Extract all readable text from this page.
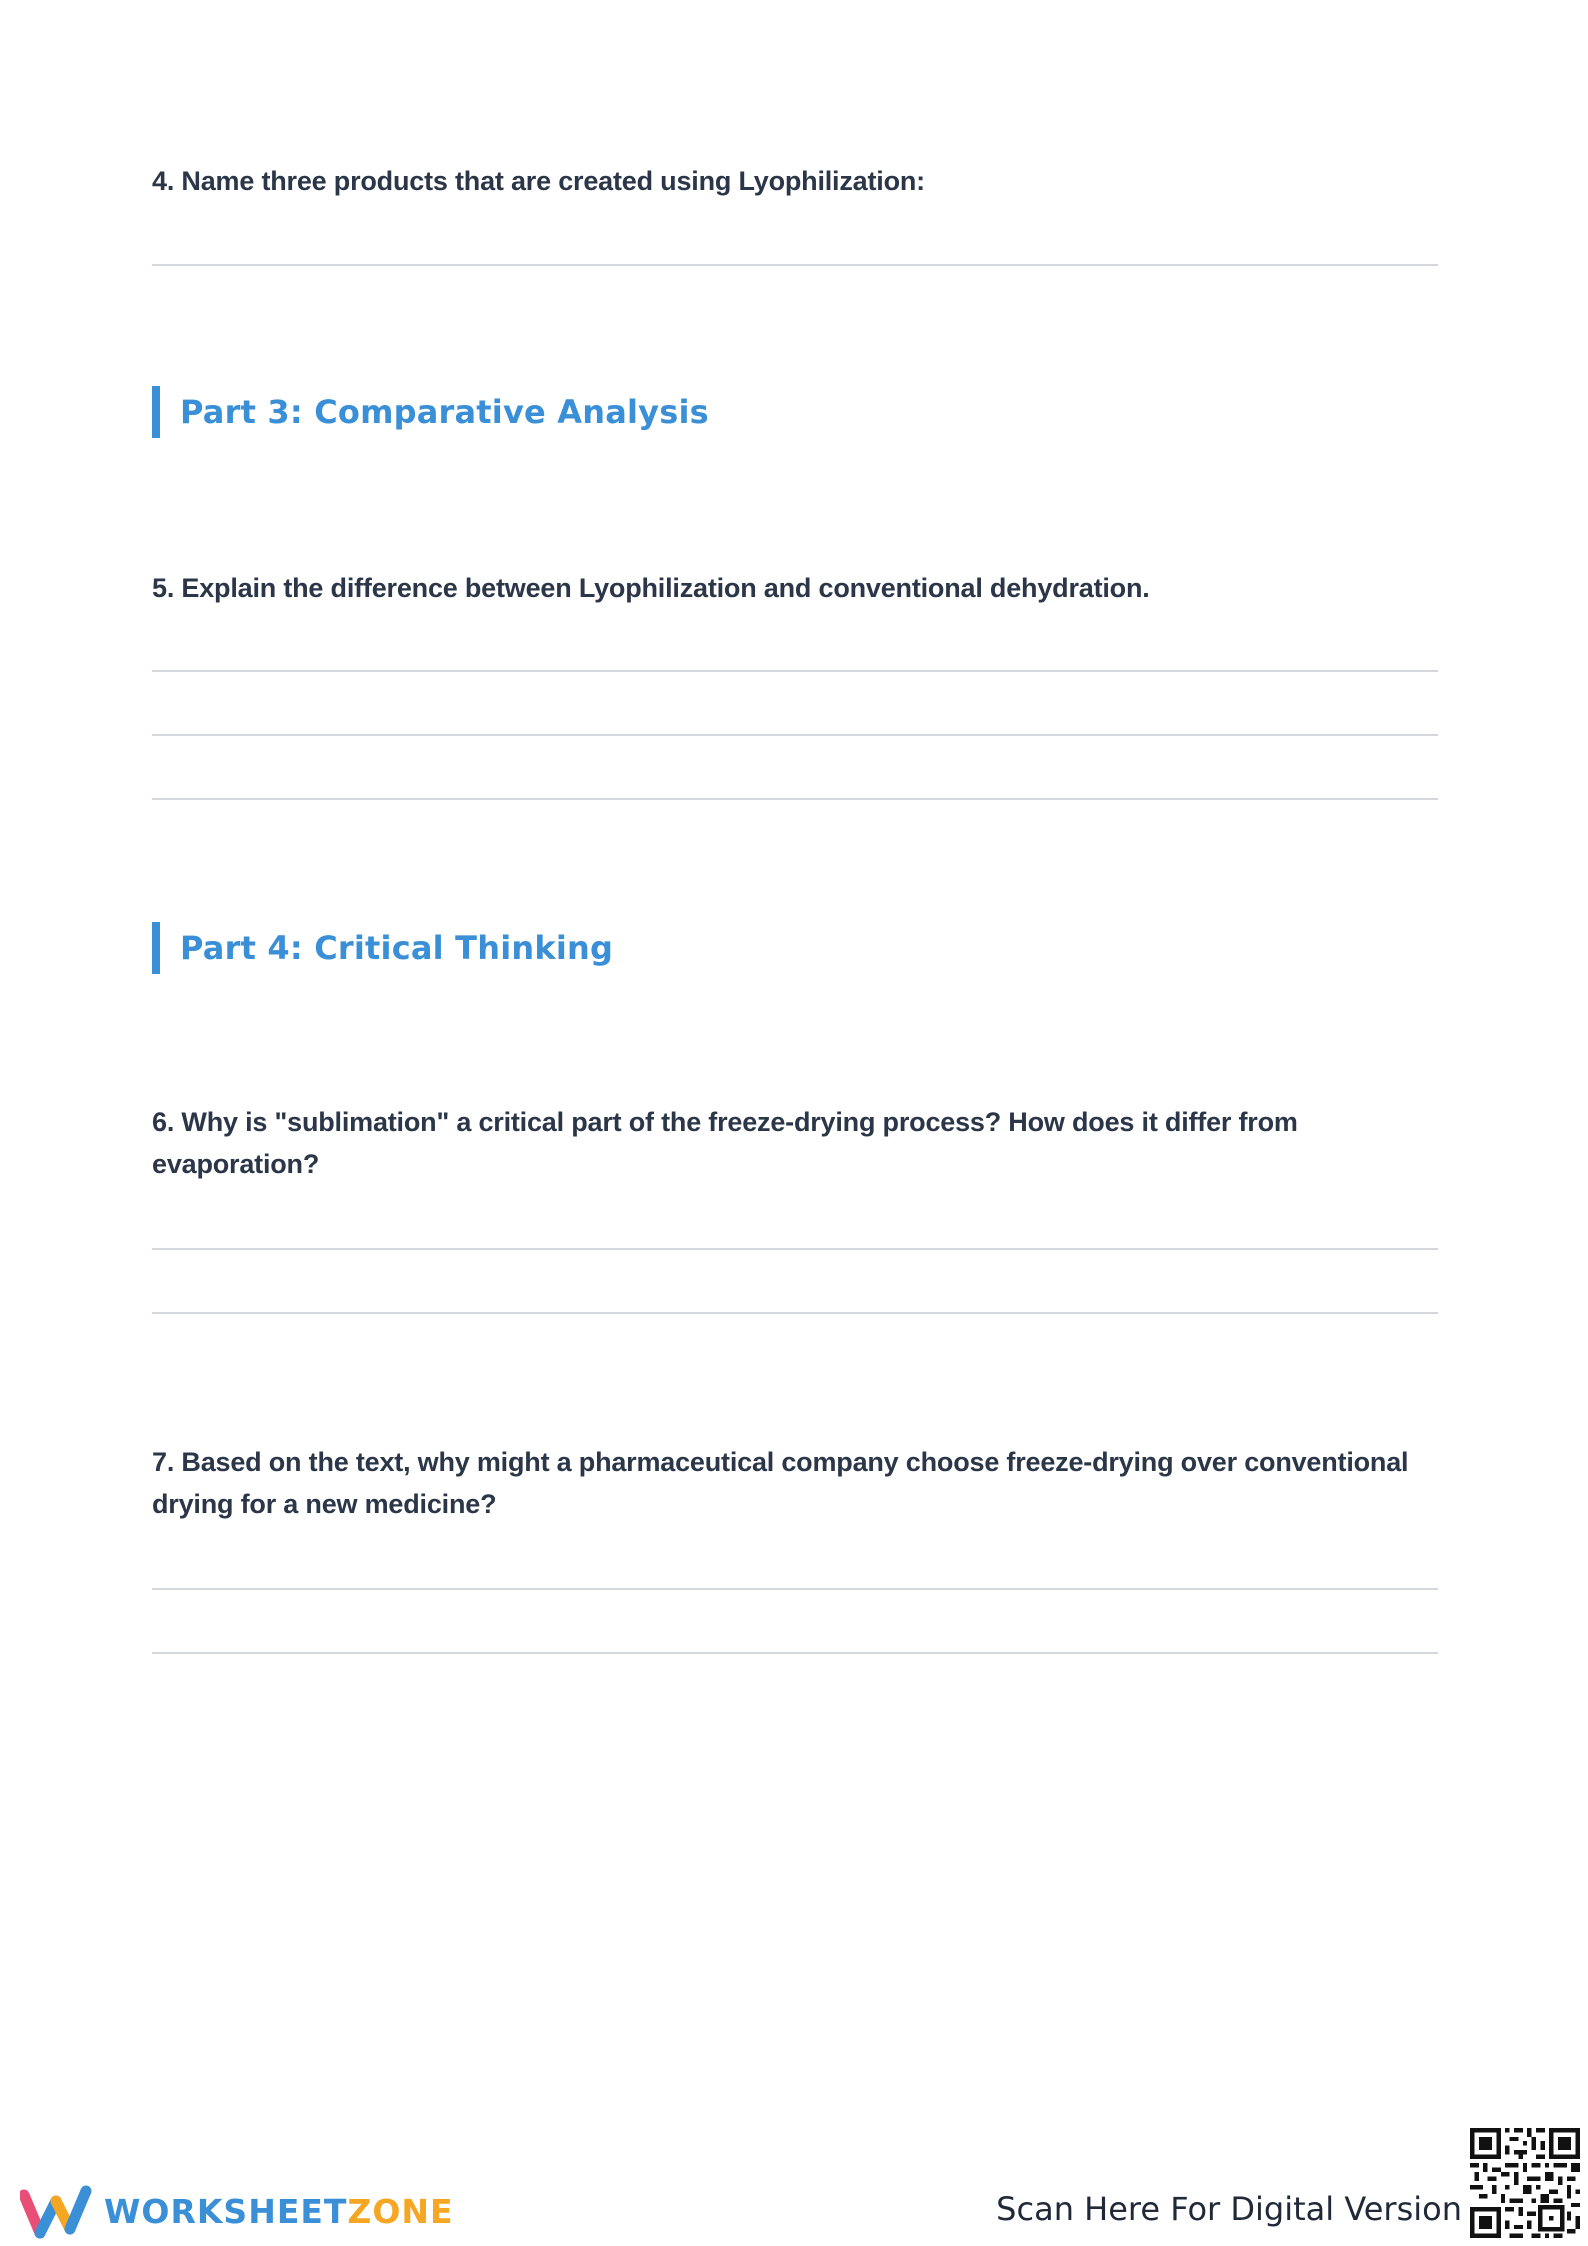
4. Name three products that are created using Lyophilization:
Part 3: Comparative Analysis
5. Explain the difference between Lyophilization and conventional dehydration.
Part 4: Critical Thinking
6. Why is "sublimation" a critical part of the freeze-drying process? How does it differ from
evaporation?
7. Based on the text, why might a pharmaceutical company choose freeze-drying over conventional
drying for a new medicine?
WORKSHEETZONE	Scan Here For Digital Version
